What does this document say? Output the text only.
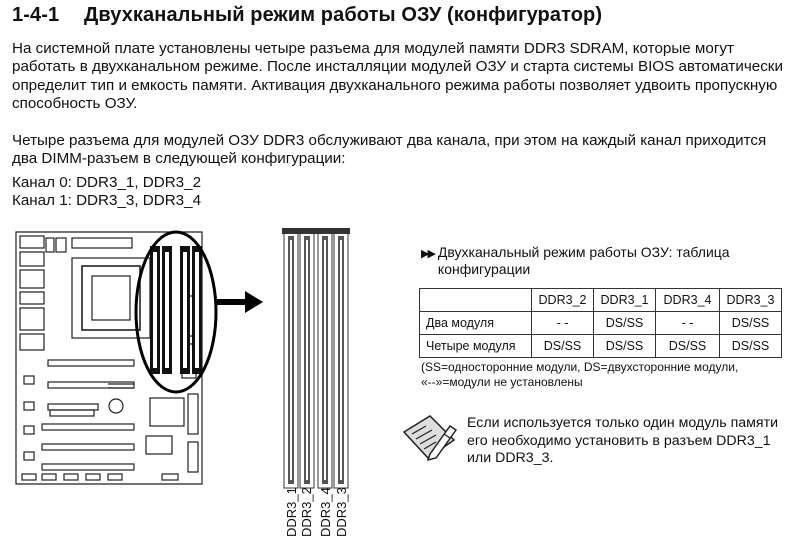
1-4-1 Двухканальный режим работы ОЗУ (конфигуратор)
На системной плате установлены четыре разъема для модулей памяти DDR3 SDRAM, которые могут работать в двухканальном режиме. После инсталляции модулей ОЗУ и старта системы BIOS автоматически определит тип и емкость памяти. Активация двухканального режима работы позволяет удвоить пропускную способность ОЗУ.
Четыре разъема для модулей ОЗУ DDR3 обслуживают два канала, при этом на каждый канал приходится два DIMM-разъем в следующей конфигурации:
Канал 0: DDR3_1, DDR3_2
Канал 1: DDR3_3, DDR3_4
DDR3_1 DDR3_2 DDR3_4 DDR3_3
▶▶ Двухканальный режим работы ОЗУ: таблица конфигурации
	DDR3_2	DDR3_1	DDR3_4	DDR3_3
Два модуля	- -	DS/SS	- -	DS/SS
Четыре модуля	DS/SS	DS/SS	DS/SS	DS/SS
(SS=односторонние модули, DS=двухсторонние модули,
«--»=модули не установлены
Если используется только один модуль памяти его необходимо установить в разъем DDR3_1 или DDR3_3.
